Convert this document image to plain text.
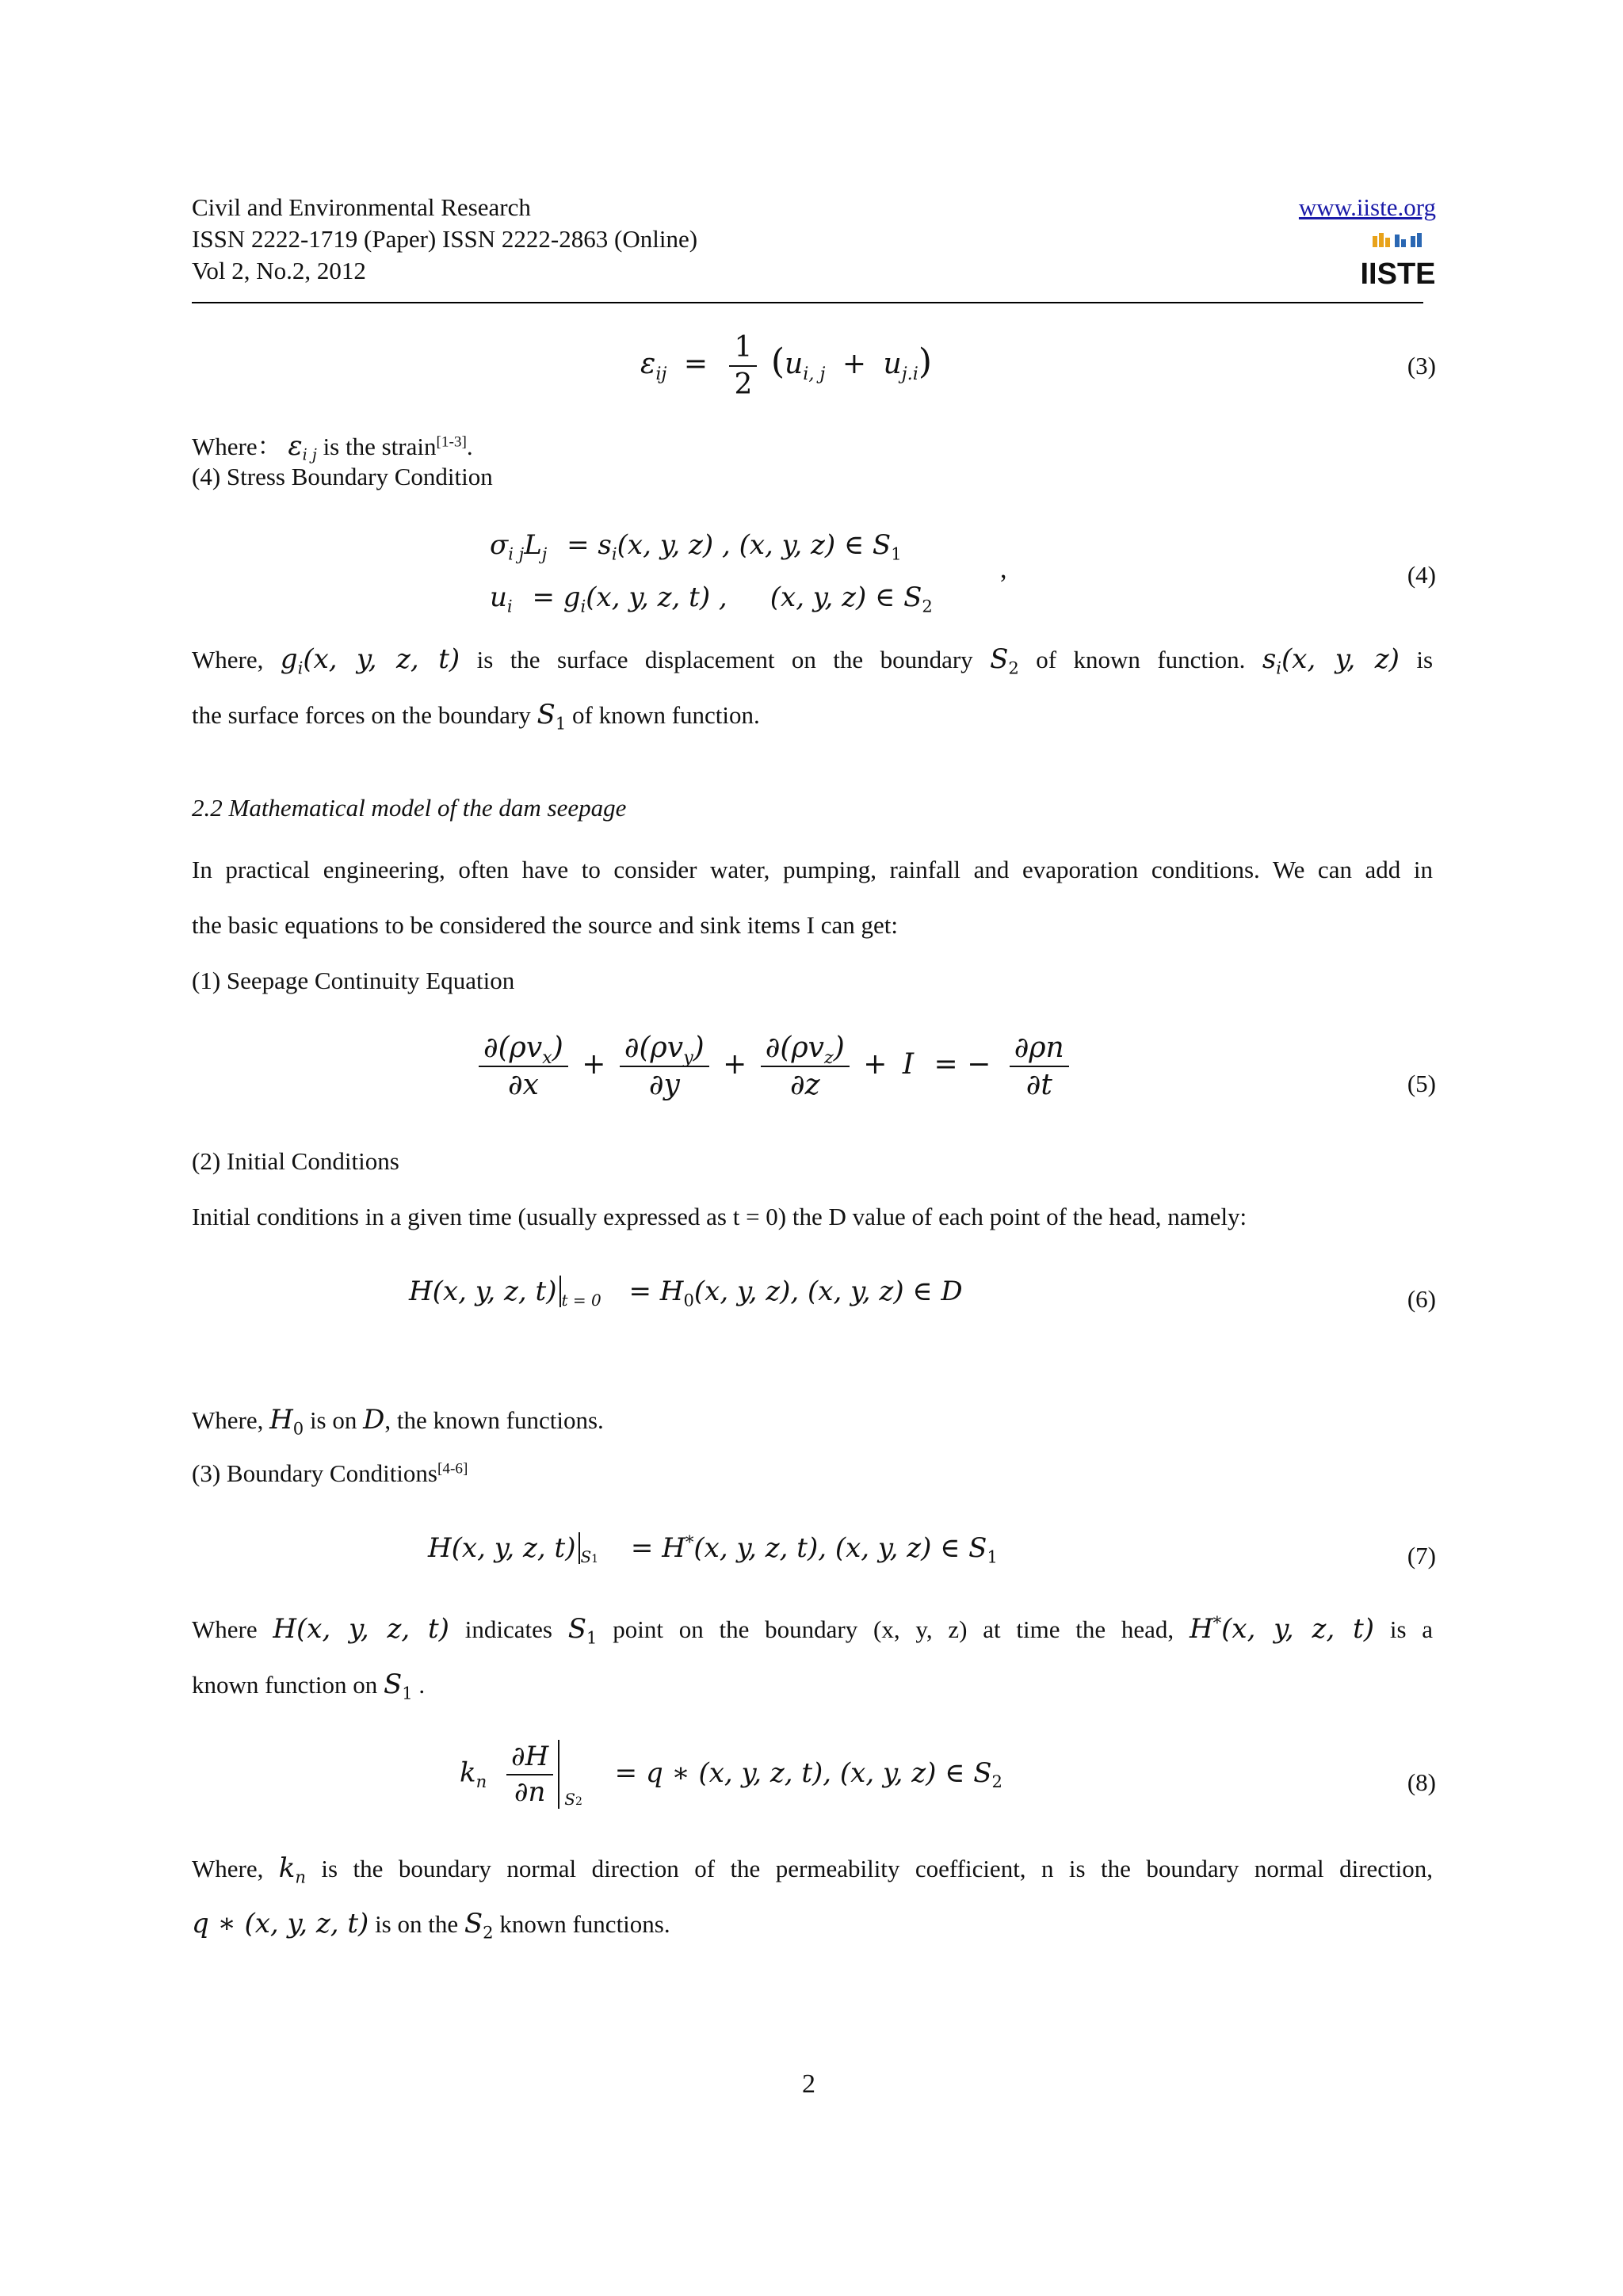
Civil and Environmental Research
ISSN 2222-1719 (Paper) ISSN 2222-2863 (Online)
Vol 2, No.2, 2012
www.iiste.org
IISTE
$\varepsilon_{ij} = \frac{1}{2} (u_{i, j} + u_{j.i})$	(3)
Where： $\varepsilon_{i j}$ is the strain[1-3].
(4) Stress Boundary Condition
$\sigma_{i j}L_j = s_i(x$, y, z) , (x, y, z) ∈ $S_1$
$u_i = g_i(x$, y, z, t) ,     (x, y, z) ∈ $S_2$
,	(4)
Where, $g_i(x$, y, z, t) is the surface displacement on the boundary $S_2$ of known function. $s_i(x$, y, z) is
the surface forces on the boundary $S_1$ of known function.
2.2 Mathematical model of the dam seepage
In practical engineering, often have to consider water, pumping, rainfall and evaporation conditions. We can add in
the basic equations to be considered the source and sink items I can get:
(1) Seepage Continuity Equation
$\frac{\partial(\rho v_x)}{\partial x} + \frac{\partial(\rho v_y)}{\partial y} + \frac{\partial(\rho v_z)}{\partial z} + I$ = − $\frac{\partial\rho n}{\partial t}$	(5)
(2) Initial Conditions
Initial conditions in a given time (usually expressed as t = 0) the D value of each point of the head, namely:
H(x, y, z, t) $_{t = 0} = H_0(x$, y, z), (x, y, z) ∈ D	(6)
Where, $H_0$ is on D, the known functions.
(3) Boundary Conditions[4-6]
H(x, y, z, t) $_{S1}$ = H*(x, y, z, t), (x, y, z) ∈ $S_1$	(7)
Where H(x, y, z, t) indicates $S_1$ point on the boundary (x, y, z) at time the head, H*(x, y, z, t) is a
known function on $S_1$ .
$k_n \frac{\partial H}{\partial n} _{S2} = q$ ∗ (x, y, z, t), (x, y, z) ∈ $S_2$	(8)
Where, $k_n$ is the boundary normal direction of the permeability coefficient, n is the boundary normal direction,
q ∗ (x, y, z, t) is on the $S_2$ known functions.
2
